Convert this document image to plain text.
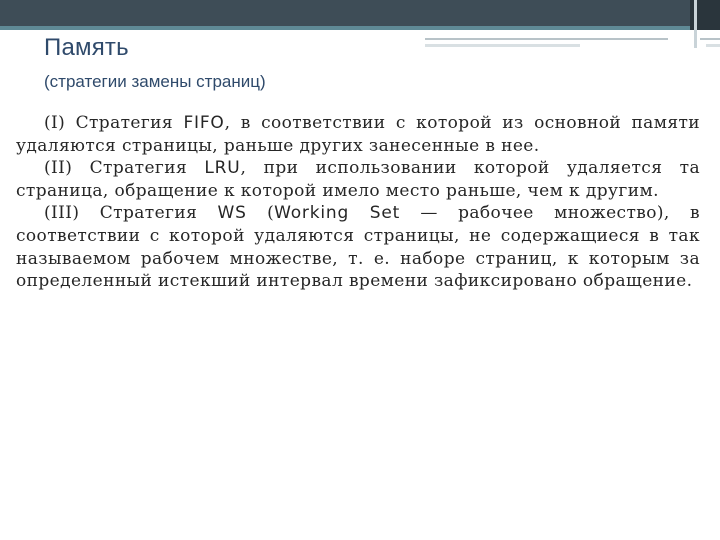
Память
(стратегии замены страниц)

(I) Стратегия FIFO, в соответствии с которой из основной памяти удаляются страницы, раньше других занесенные в нее.

(II) Стратегия LRU, при использовании которой удаляется та страница, обращение к которой имело место раньше, чем к другим.

(III) Стратегия WS (Working Set — рабочее множество), в соответствии с которой удаляются страницы, не содержащиеся в так называемом рабочем множестве, т. е. наборе страниц, к которым за определенный истекший интервал времени зафиксировано обращение.
